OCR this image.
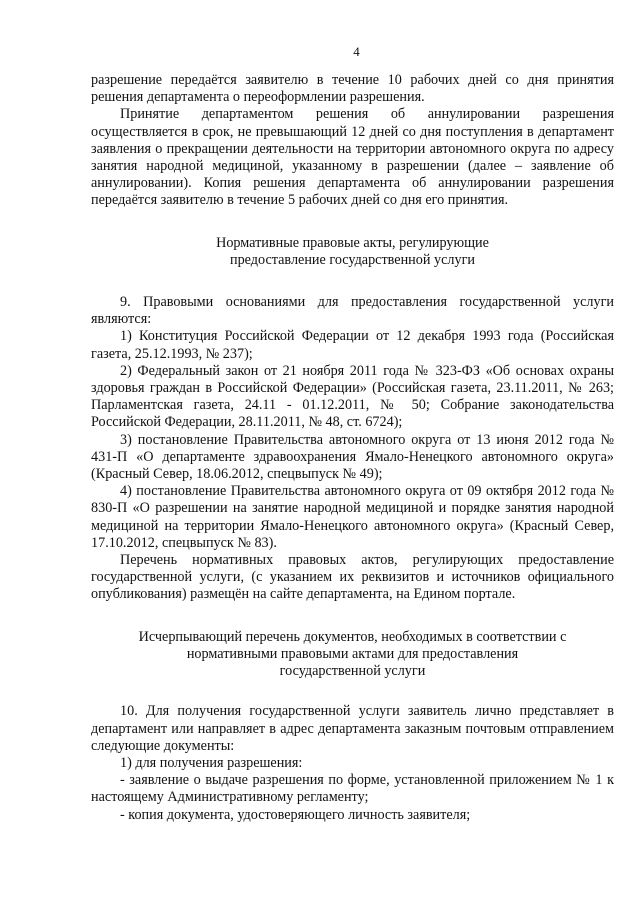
4

разрешение передаётся заявителю в течение 10 рабочих дней со дня принятия решения департамента о переоформлении разрешения.

Принятие департаментом решения об аннулировании разрешения осуществляется в срок, не превышающий 12 дней со дня поступления в департамент заявления о прекращении деятельности на территории автономного округа по адресу занятия народной медициной, указанному в разрешении (далее – заявление об аннулировании). Копия решения департамента об аннулировании разрешения передаётся заявителю в течение 5 рабочих дней со дня его принятия.

Нормативные правовые акты, регулирующие
предоставление государственной услуги

9. Правовыми основаниями для предоставления государственной услуги являются:

1) Конституция Российской Федерации от 12 декабря 1993 года (Российская газета, 25.12.1993, № 237);

2) Федеральный закон от 21 ноября 2011 года № 323-ФЗ «Об основах охраны здоровья граждан в Российской Федерации» (Российская газета, 23.11.2011, № 263; Парламентская газета, 24.11 - 01.12.2011, № 50; Собрание законодательства Российской Федерации, 28.11.2011, № 48, ст. 6724);

3) постановление Правительства автономного округа от 13 июня 2012 года № 431-П «О департаменте здравоохранения Ямало-Ненецкого автономного округа» (Красный Север, 18.06.2012, спецвыпуск № 49);

4) постановление Правительства автономного округа от 09 октября 2012 года № 830-П «О разрешении на занятие народной медициной и порядке занятия народной медициной на территории Ямало-Ненецкого автономного округа» (Красный Север, 17.10.2012, спецвыпуск № 83).

Перечень нормативных правовых актов, регулирующих предоставление государственной услуги, (с указанием их реквизитов и источников официального опубликования) размещён на сайте департамента, на Едином портале.

Исчерпывающий перечень документов, необходимых в соответствии с
нормативными правовыми актами для предоставления
государственной услуги

10. Для получения государственной услуги заявитель лично представляет в департамент или направляет в адрес департамента заказным почтовым отправлением следующие документы:

1) для получения разрешения:

- заявление о выдаче разрешения по форме, установленной приложением № 1 к настоящему Административному регламенту;

- копия документа, удостоверяющего личность заявителя;
